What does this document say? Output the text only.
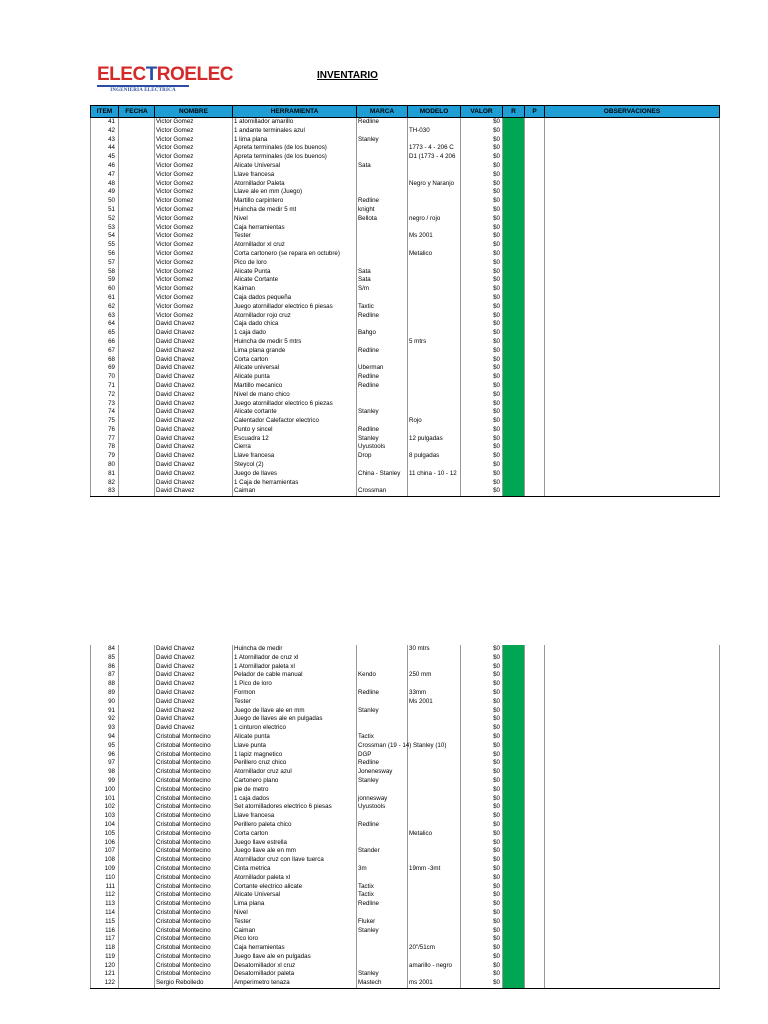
ELECTROELEC
INGENIERIA ELECTRICA
INVENTARIO
ITEM	FECHA	NOMBRE	HERRAMIENTA	MARCA	MODELO	VALOR	R	P	OBSERVACIONES
41		Victor Gomez	1 atornillador amarillo	Redline		$0			
42		Victor Gomez	1 andante terminales azul		TH-030	$0			
43		Victor Gomez	1 lima plana	Stanley		$0			
44		Victor Gomez	Apreta terminales (de los buenos)		1773 - 4 - 206 C	$0			
45		Victor Gomez	Apreta terminales (de los buenos)		D1 (1773 - 4 206	$0			
46		Victor Gomez	Alicate Universal	Sata		$0			
47		Victor Gomez	Llave francesa			$0			
48		Victor Gomez	Atornillador Paleta		Negro y Naranjo	$0			
49		Victor Gomez	Llave ale en mm (Juego)			$0			
50		Victor Gomez	Martillo carpintero	Redline		$0			
51		Victor Gomez	Huincha de medir 5 mt	knight		$0			
52		Victor Gomez	Nivel	Bellota	negro / rojo	$0			
53		Victor Gomez	Caja herramientas			$0			
54		Victor Gomez	Tester		Ms 2001	$0			
55		Victor Gomez	Atornillador xl cruz			$0			
56		Victor Gomez	Corta cartonero (se repara en octubre)		Metalico	$0			
57		Victor Gomez	Pico de loro			$0			
58		Victor Gomez	Alicate Punta	Sata		$0			
59		Victor Gomez	Alicate Cortante	Sata		$0			
60		Victor Gomez	Kaiman	S/m		$0			
61		Victor Gomez	Caja dados pequeña			$0			
62		Victor Gomez	Juego atornillador electrico 6 piesas	Taxtic		$0			
63		Victor Gomez	Atornillador rojo cruz	Redline		$0			
64		David Chavez	Caja dado chica			$0			
65		David Chavez	1 caja dado	Bahgo		$0			
66		David Chavez	Huincha de medir 5 mtrs		5 mtrs	$0			
67		David Chavez	Lima plana grande	Redline		$0			
68		David Chavez	Corta carton			$0			
69		David Chavez	Alicate universal	Uberman		$0			
70		David Chavez	Alicate punta	Redline		$0			
71		David Chavez	Martillo mecanico	Redline		$0			
72		David Chavez	Nivel de mano chico			$0			
73		David Chavez	Juego atornillador electrico 6 piezas			$0			
74		David Chavez	Alicate cortante	Stanley		$0			
75		David Chavez	Calentador Calefactor electrico		Rojo	$0			
76		David Chavez	Punto y sincel	Redline		$0			
77		David Chavez	Escuadra 12	Stanley	12 pulgadas	$0			
78		David Chavez	Cierra	Uyustools		$0			
79		David Chavez	Llave francesa	Drop	8 pulgadas	$0			
80		David Chavez	Steycol (2)			$0			
81		David Chavez	Juego de llaves	China - Stanley	11 china - 10 - 12	$0			
82		David Chavez	1 Caja de herramientas			$0			
83		David Chavez	Caiman	Crossman		$0			
84		David Chavez	Huincha de medir		30 mtrs	$0			
85		David Chavez	1 Atornillador de cruz xl			$0			
86		David Chavez	1 Atornillador paleta xl			$0			
87		David Chavez	Pelador de cable manual	Kendo	250 mm	$0			
88		David Chavez	1 Pico de loro			$0			
89		David Chavez	Formon	Redline	33mm	$0			
90		David Chavez	Tester		Ms 2001	$0			
91		David Chavez	Juego de llave ale en mm	Stanley		$0			
92		David Chavez	Juego de llaves ale en pulgadas			$0			
93		David Chavez	1 cinturon electrico			$0			
94		Cristobal Montecino	Alicate punta	Tactix		$0			
95		Cristobal Montecino	Llave punta	Crossman (19 - 14) Stanley (10)		$0			
96		Cristobal Montecino	1 lapiz magnetico	DGP		$0			
97		Cristobal Montecino	Perillero cruz chico	Redline		$0			
98		Cristobal Montecino	Atornillador cruz azul	Jonenesway		$0			
99		Cristobal Montecino	Cartonero plano	Stanley		$0			
100		Cristobal Montecino	pie de metro			$0			
101		Cristobal Montecino	1 caja dados	jonnesway		$0			
102		Cristobal Montecino	Set atornilladores electrico 6 piesas	Uyustools		$0			
103		Cristobal Montecino	Llave francesa			$0			
104		Cristobal Montecino	Perillero paleta chico	Redline		$0			
105		Cristobal Montecino	Corta carton		Metalico	$0			
106		Cristobal Montecino	Juego llave estrella			$0			
107		Cristobal Montecino	Juego llave ale en mm	Stander		$0			
108		Cristobal Montecino	Atornillador cruz con llave tuerca			$0			
109		Cristobal Montecino	Cinta metrica	3m	19mm -3mt	$0			
110		Cristobal Montecino	Atornillador paleta xl			$0			
111		Cristobal Montecino	Cortante electrico alicate	Tactix		$0			
112		Cristobal Montecino	Alicate Universal	Tactix		$0			
113		Cristobal Montecino	Lima plana	Redline		$0			
114		Cristobal Montecino	Nivel			$0			
115		Cristobal Montecino	Tester	Fluker		$0			
116		Cristobal Montecino	Caiman	Stanley		$0			
117		Cristobal Montecino	Pico loro			$0			
118		Cristobal Montecino	Caja herramientas		20"/51cm	$0			
119		Cristobal Montecino	Juego llave ale en pulgadas			$0			
120		Cristobal Montecino	Desatornillador xl cruz		amarillo - negro	$0			
121		Cristobal Montecino	Desatornillador paleta	Stanley		$0			
122		Sergio Rebolledo	Amperimetro tenaza	Mastech	ms 2001	$0			
